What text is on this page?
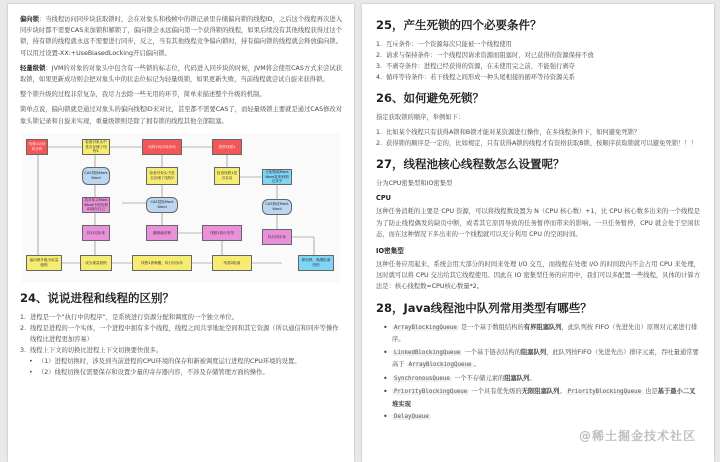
偏向锁：当线程访问同步块获取锁时，会在对象头和栈帧中的锁记录里存储偏向锁的线程ID，之后这个线程再次进入同步块时都不需要CAS来加锁和解锁了，偏向锁会永远偏向第一个获得锁的线程，如果后续没有其他线程获得过这个锁，持有锁的线程就永远不需要进行同步，反之，当有其他线程竞争偏向锁时，持有偏向锁的线程就会释放偏向锁。可以用过设置-XX:+UseBiasedLocking开启偏向锁。

轻量级锁：JVM的对象的对象头中包含有一些锁的标志位，代码进入同步块的时候，JVM将会使用CAS方式来尝试获取锁，如果更新成功则会把对象头中的状态位标记为轻量级锁，如果更新失败，当前线程就尝试自旋来获得锁。

整个锁升级的过程非常复杂，我尽力去除一些无用的环节，简单来描述整个升级的机制。

简单点说，偏向锁就是通过对象头的偏向线程ID来对比，甚至都不需要CAS了，而轻量级锁主要就是通过CAS修改对象头锁记录和自旋来实现，重量级锁则是除了拥有锁的线程其他全部阻塞。

线程1访问同步块
检查对象头中是否存储了线程1
CAS替换Mark Word
将对象头Mark Word中的线程ID指向自己
执行同步体
偏向锁升级为轻量级锁
线程2访问同步块
检查对象头中是否存储了线程2
CAS替换Mark Word
撤销偏向锁
暂停线程1
检查线程1是否存活
线程1执行完毕
分配栈帧Mark Word复制到锁记录中
CAS修改Mark Word
执行同步体
成为重量级锁	线程1被唤醒，执行同步体	线程2阻塞
释放锁，唤醒阻塞线程
24、说说进程和线程的区别？
1. 进程是一个“执行中的程序”，是系统进行资源分配和调度的一个独立单位。
2. 线程是进程的一个实体，一个进程中拥有多个线程，线程之间共享地址空间和其它资源（所以通信和同步等操作线程比进程更加容易）
3. 线程上下文的切换比进程上下文切换要快很多。
• （1）进程切换时，涉及到当前进程的CPU环境的保存和新被调度运行进程的CPU环境的设置。
• （2）线程切换仅需要保存和设置少量的寄存器内容，不涉及存储管理方面的操作。
25，产生死锁的四个必要条件？
1. 互斥条件：一个资源每次只能被一个线程使用
2. 请求与保持条件：一个线程因请求资源而阻塞时，对已获得的资源保持不放
3. 不剥夺条件：进程已经获得的资源，在未使用完之前，不能强行剥夺
4. 循环等待条件：若干线程之间形成一种头尾相接的循环等待资源关系
26、如何避免死锁？

指定获取锁的顺序，举例如下：

1. 比如某个线程只有获得A锁和B锁才能对某资源进行操作，在多线程条件下，如何避免死锁？
2. 获得锁的顺序是一定的，比如规定，只有获得A锁的线程才有资格获取B锁，按顺序获取锁就可以避免死锁！！！
27，线程池核心线程数怎么设置呢？

分为CPU密集型和IO密集型

CPU

这种任务消耗的主要是 CPU 资源，可以将线程数设置为 N（CPU 核心数）+1，比 CPU 核心数多出来的一个线程是为了防止线程偶发的缺页中断，或者其它原因导致的任务暂停而带来的影响。一旦任务暂停，CPU 就会处于空闲状态，而在这种情况下多出来的一个线程就可以充分利用 CPU 的空闲时间。

IO密集型

这种任务应用起来，系统会用大部分的时间来处理 I/O 交互，而线程在处理 I/O 的时间段内不会占用 CPU 来处理，这时就可以将 CPU 交出给其它线程使用。因此在 IO 密集型任务的应用中，我们可以多配置一些线程，具体的计算方法是：核心线程数=CPU核心数量*2。

28，Java线程池中队列常用类型有哪些？
• ArrayBlockingQueue 是一个基于数组结构的有界阻塞队列，此队列按 FIFO（先进先出）原则对元素进行排序。
• LinkedBlockingQueue 一个基于链表结构的阻塞队列，此队列按FIFO（先进先出）排序元素，吞吐量通常要高于 ArrayBlockingQueue 。
• SynchronousQueue 一个不存储元素的阻塞队列。
• PriorityBlockingQueue 一个具有优先级的无限阻塞队列。 PriorityBlockingQueue 也是基于最小二叉堆实现
• DelayQueue
@稀土掘金技术社区
